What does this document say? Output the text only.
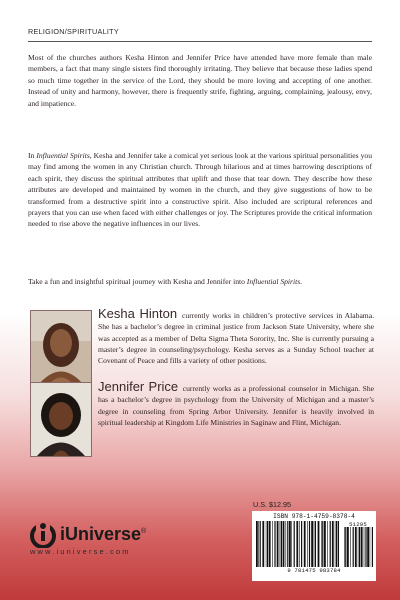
RELIGION/SPIRITUALITY

Most of the churches authors Kesha Hinton and Jennifer Price have attended have more female than male members, a fact that many single sisters find thoroughly irritating. They believe that because these ladies spend so much time together in the service of the Lord, they should be more loving and accepting of one another. Instead of unity and harmony, however, there is frequently strife, fighting, arguing, complaining, jealousy, envy, and impatience.

In Influential Spirits, Kesha and Jennifer take a comical yet serious look at the various spiritual personalities you may find among the women in any Christian church. Through hilarious and at times harrowing descriptions of each spirit, they discuss the spiritual attributes that uplift and those that tear down. They describe how these attributes are developed and maintained by women in the church, and they give suggestions of how to be transformed from a destructive spirit into a constructive spirit. Also included are scriptural references and prayers that you can use when faced with either challenges or joy. The Scriptures provide the critical information needed to rise above the negative influences in our lives.

Take a fun and insightful spiritual journey with Kesha and Jennifer into Influential Spirits.

Kesha Hinton currently works in children’s protective services in Alabama. She has a bachelor’s degree in criminal justice from Jackson State University, where she was accepted as a member of Delta Sigma Theta Sorority, Inc. She is currently pursuing a master’s degree in counseling/psychology. Kesha serves as a Sunday School teacher at Covenant of Peace and fills a variety of other positions.

Jennifer Price currently works as a professional counselor in Michigan. She has a bachelor’s degree in psychology from the University of Michigan and a master’s degree in counseling from Spring Arbor University. Jennifer is heavily involved in spiritual leadership at Kingdom Life Ministries in Saginaw and Flint, Michigan.

iUniverse®
www.iuniverse.com
U.S. $12.95
ISBN 978-1-4759-8378-4
9 781475 983784
51295
